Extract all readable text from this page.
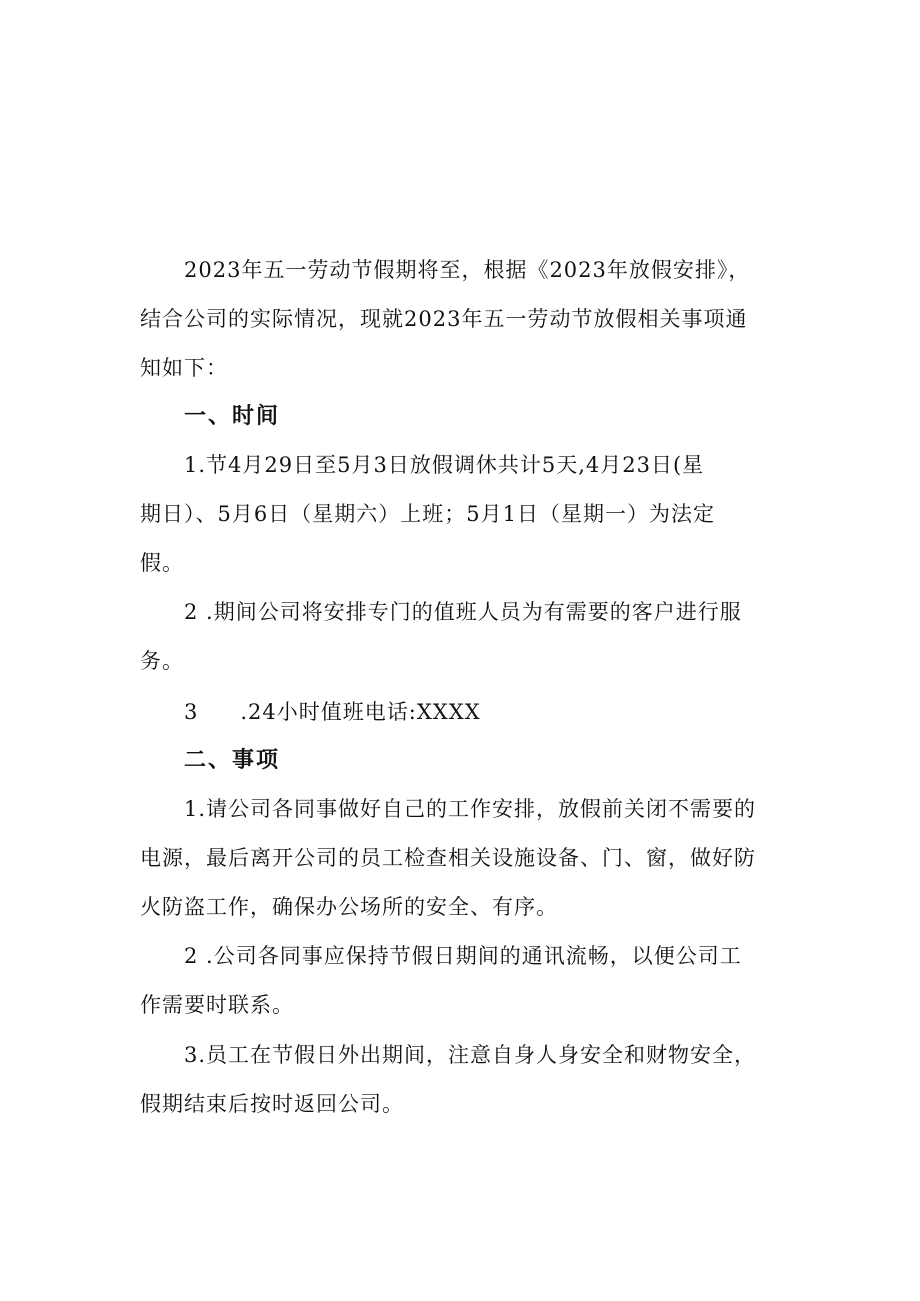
2023年五一劳动节假期将至，根据《2023年放假安排》，
结合公司的实际情况，现就2023年五一劳动节放假相关事项通
知如下：

一、时间

1.节4月29日至5月3日放假调休共计5天,4月23日(星
期日）、5月6日（星期六）上班；5月1日（星期一）为法定
假。

2 .期间公司将安排专门的值班人员为有需要的客户进行服
务。

3 .24小时值班电话:XXXX

二、事项

1.请公司各同事做好自己的工作安排，放假前关闭不需要的
电源，最后离开公司的员工检查相关设施设备、门、窗，做好防
火防盗工作，确保办公场所的安全、有序。

2 .公司各同事应保持节假日期间的通讯流畅，以便公司工
作需要时联系。

3.员工在节假日外出期间，注意自身人身安全和财物安全，
假期结束后按时返回公司。
